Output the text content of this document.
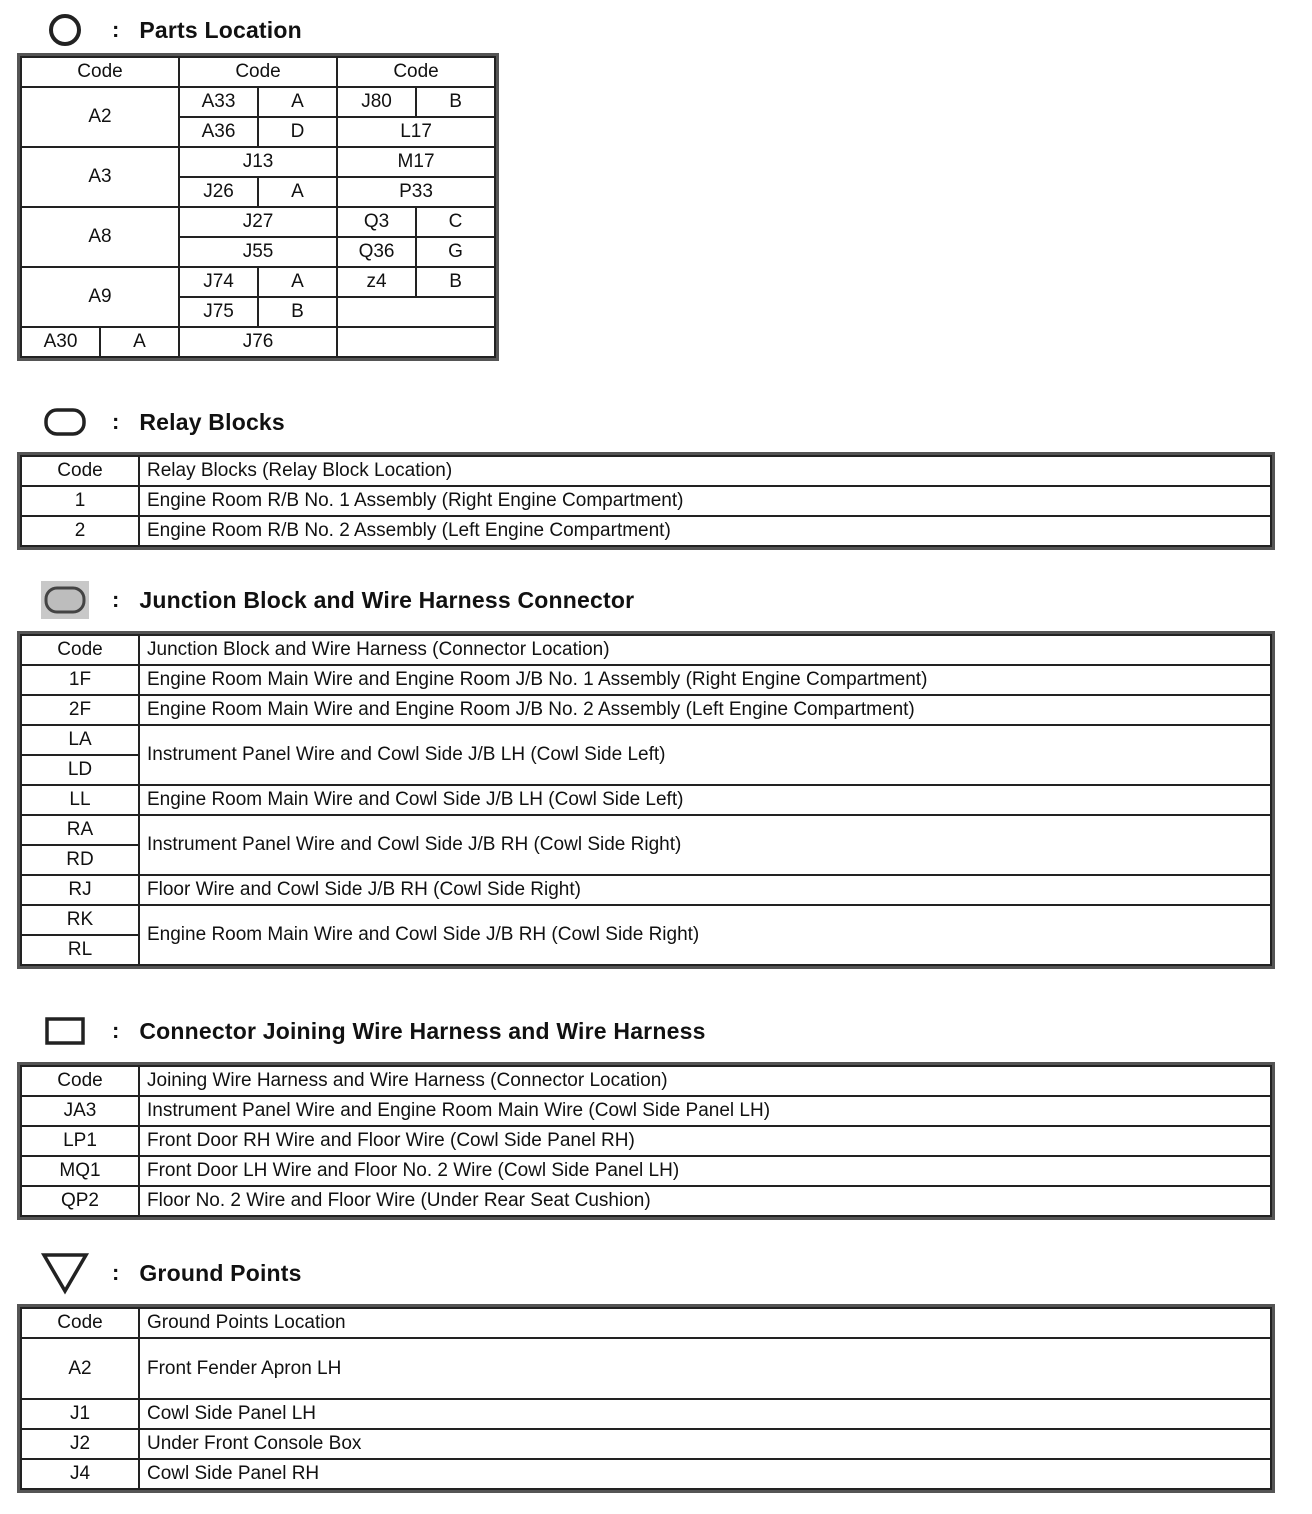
: Parts Location
Code		Code		Code	
A2		A33	A	J80	B
		A36	D	L17	
A3		J13		M17	
		J26	A	P33	
A8		J27		Q3	C
		J55		Q36	G
A9		J74	A	z4	B
		J75	B		
A30	A	J76			
: Relay Blocks
Code	Relay Blocks (Relay Block Location)
1	Engine Room R/B No. 1 Assembly (Right Engine Compartment)
2	Engine Room R/B No. 2 Assembly (Left Engine Compartment)
: Junction Block and Wire Harness Connector
Code	Junction Block and Wire Harness (Connector Location)
1F	Engine Room Main Wire and Engine Room J/B No. 1 Assembly (Right Engine Compartment)
2F	Engine Room Main Wire and Engine Room J/B No. 2 Assembly (Left Engine Compartment)
LA	Instrument Panel Wire and Cowl Side J/B LH (Cowl Side Left)
LD	
LL	Engine Room Main Wire and Cowl Side J/B LH (Cowl Side Left)
RA	Instrument Panel Wire and Cowl Side J/B RH (Cowl Side Right)
RD	
RJ	Floor Wire and Cowl Side J/B RH (Cowl Side Right)
RK	Engine Room Main Wire and Cowl Side J/B RH (Cowl Side Right)
RL	
: Connector Joining Wire Harness and Wire Harness
Code	Joining Wire Harness and Wire Harness (Connector Location)
JA3	Instrument Panel Wire and Engine Room Main Wire (Cowl Side Panel LH)
LP1	Front Door RH Wire and Floor Wire (Cowl Side Panel RH)
MQ1	Front Door LH Wire and Floor No. 2 Wire (Cowl Side Panel LH)
QP2	Floor No. 2 Wire and Floor Wire (Under Rear Seat Cushion)
: Ground Points
Code	Ground Points Location
A2	Front Fender Apron LH
J1	Cowl Side Panel LH
J2	Under Front Console Box
J4	Cowl Side Panel RH
